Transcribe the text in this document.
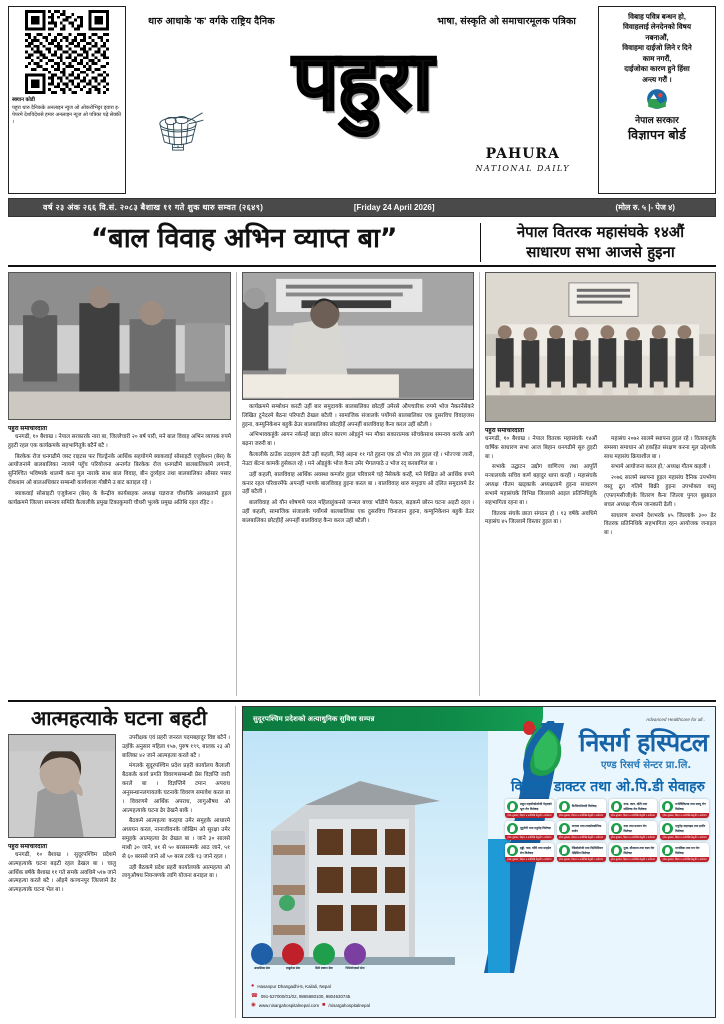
स्क्यान कोडी
पहुरा थारु दैनिकके अनलाइन न्युज ओ ओकरोभिट्टर ड्वारा इ-पेपरमे देशविदेशसे हमार अनलाइन न्युज ओ पत्रिका पढ़े सेक्की ।
थारु आधाके 'क' वर्गके राष्ट्रिय दैनिक	भाषा, संस्कृति ओ समाचारमूलक पत्रिका
पहुरा
PAHURA
NATIONAL DAILY
विबाह पवित्र बन्धन हो,
विवाहलाई लेनदेनको विषय
नबनाऔं,
विवाहमा दाईजो लिने र दिने
काम नगरौं,
दाईजोका कारण हुने हिंसा
अन्त्य गरौं ।
नेपाल सरकार
विज्ञापन बोर्ड
वर्ष २३ अंक २६६ वि.सं. २०८३ बैशाख ११ गते शुक थारु सम्वत (२६४९)	[Friday 24 April 2026]	(मोल रु. ५ |- पेज ४)
“बाल विवाह अभिन व्याप्त बा”	नेपाल वितरक महासंघके १४औं
साधारण सभा आजसे हुइना
पहुरा समाचारदाता

धनगढी, १० बैशाख । नेपाल सरकारके नारा बा, जिल्लेचारी २० बर्ष पारी, मने बाल विवाह अभिन व्यापक रुपमे हुइटी रहल एक कार्यक्रमके सहभागितुके बटैनें बटै ।

बिरकेक रोज धनगढीमे जस्ट राइटस फर चिल्ड्रेनके आर्थिक सहयोगमे ब्याकवाई सोसाइटी एजुकेशन (बेस) के आयोजनामे बालबालिका न्यायमे पहुँच परियोजना अन्तर्गत बिरकेक रोज धनगढीमे बालबालिकामे लगानी, सुनिश्चित भविष्यके थालमी कना मूल नाराके साथ बाल विवाह, बीन दुर्व्यहार तथा बालबालिका औसार पसार रोकथाम ओ बालअधिकार सम्बन्धी कार्यशाला गोष्ठीमे उ बाट बताइल रहे ।

ब्याकवाई सोसाइटी एजुकेशन (बेस) के केन्द्रीय कार्यबाहक अध्यक्ष यज्ञराज चौधरीके अध्यक्षतामे हुइल कार्यक्रममे जिल्ला समन्वय समिति कैलालीके प्रमुख टिकाकुमारी चौधरी भुलके प्रमुख अतिथि रहल रहिट ।

कार्यक्रममे सम्बोधन करटी उहीं बार समुदायके बालबालिका छोटहीं उमेरसे औपचारिक रुपमे भोज नैकरनेंसेकरे लिखित टुनेदरमे बैठना परिपाटी ढेखल बटैली । सामाजिक संजालके पर्योगसे बालबालिका एक दुसरविच विवाहजस हुइना, कम्युनिकेशन बहुकें ढेउर बालबालिका छोटहीहें अपनहीं बालविवाह कैना करल उहीं बटैली ।

अभिभावकहुंके आगन नर्कनहें छाड़ा छोरन कारण ओइहुंने भन मौका सकारात्मक सोचकेसाथ समन्वय करके आगे बढ़ना जरुरी बा ।

कैलालीके ठाउँक उदाहरण ढेटी उहीं कहली, मिहे अइना ११ गते हुइना एक ठो भोज तय हुइल रहे । भोज्ज्या त्यारी, नेउटा बँटना कामकें हुसेकल रहे । मने ओइहुंके भोज कैना उमेर भैगलपाठे उ भोज रद् करबागिल बा ।

उहीं कहली, बालविवाह आर्थिक अवस्था कम्जोर हुइल परिवारमे चहे नैसेकके करहैं, मने शिक्षित ओ आर्थिक रुपमे कनार रहल परिवारमेंफे अपनहीं भागके बालविवाह हुइना करल बा । बालविवाह थारु समुदाय ओ दलित समुदायमे ढेर उहीं बटैली ।

बालविवाह ओ यौन शोषणमे परल महिलाहुंकनसे जन्मल बच्चा भाँडीमे फेकल, सड़कमे छोरन घटना अइटी रहल । उहीं कहली, सामाजिक संजालके पर्योगसे बालबालिका एक दुसरविच चिनाजान हुइना, कम्युनिकेशन बहुकें ढेउर बालबालिका छोटहीहें अपनहीं बालविवाह कैना करल उहीं बटैली ।

पहुरा समाचारदाता

धनगढी, १० बैशाख । नेपाल वितरक महासंघके १४औं वार्षिक साधारण सभा आज बिहान धनगढीमे सुरु हुइटी बा ।

सभाके उद्घाटन उद्योग वाणिज्य तथा आपूर्ति मन्त्रालयके सचिव कर्ण बहादुर थापा करही । महासंघके अध्यक्ष गौतम खड्काके अध्यक्षतामे हुइना साधारण सभामे महासंघके विभिन्न जिल्लासे आइल प्रतिनिधिहुंके सहभागिता रहना बा ।

वितरक संघके छाता संगठन हो । १३ वर्षके अवधिमे महासंघ ४५ जिल्लामे विस्तार हुइल बा ।

महासंघ २०७२ सालमे स्थापना हुइल रहे । वितरकहुंके समस्या समाधान ओ हकहित संरक्षण करना मूल उद्देश्यके साथ महासंघ क्रियाशील बा ।

सभामे आयोजना करल हो,' अध्यक्ष गौतम कहली ।

२०७६ सालमे स्थापना हुइल महासंघ दैनिक उपभोग्य वस्तु द्रुत गतिमे बिक्री हुइना उपभोक्ता वस्तु (एफएमसीजी)के वितरण कैना जिल्ला पुगल बुझाइल बचल अध्यक्ष गौतम जानकारी ढेली ।

साधारण सभामे देशभरके ४५ जिल्लाके ३०० ढेर वितरक प्रतिनिधिके सहभागिता रहन आयोजक जनाइल बा ।

आत्महत्याके घटना बहटी
पहुरा समाचारदाता

धनगढी, १० बैशाख । सुदूरपश्चिम प्रदेशमे आत्महत्याके घटना बढ़टी रहल ढेखल बा । चालु आर्थिक बर्षके बैशाख ११ गते समके अवधिमे ५१७ जाने आत्महत्या करले बटै । ओइमे कञ्चनपुर जिल्लामे ढेर आत्महत्याके घटना भेल बा ।

उपरीक्षक एवं प्रहरी जनरल पदमबहादुर विष्ट बटैनें । उहाँके अनुसार महिला १५७, पुरुष १९९, बालक २३ ओ बालिका ४२ जाने आत्महत्या करले बटै ।

मंगलके सुदूरपश्चिम प्रदेश प्रहरी कार्यालय कैलाली बैठकके कार्य प्रगति विवरणसम्बन्धी प्रेस विज्ञप्ति जारी करले बा । विज्ञप्तिमे टमान अपराध अनुसन्धानलगायतके घटनाके विवरण समावेश करल बा । विवरणमे आर्थिक अपराध, लागुऔषध ओ आत्महत्याके घटना ढेर ढेखनै बाकें ।

बैठकमे आत्महत्या करइया उमेर समुहके आधारमे अध्ययन करल, नानाजीवनके जोखिम ओ सुरक्षा उमेर समुहके आत्महत्या ढेर ढेखल बा । जाने ३० सालसे माथी ३० जाने, ४१ से ५० बरससम्मके आठ जाने, ५१ से ६० बरससे जाने ओ ५० बरस टरके १३ जाने रहल ।

उही बैठकमे प्रदेश प्रहरी कार्यालयके आत्महत्या ओ लागुऔषध नियन्त्रणके लागि योजना बनाइल बा ।

सुदूरपश्चिम प्रदेशको अत्याधुनिक सुविधा सम्पन्न
निसर्ग हस्पिटल
एण्ड रिसर्च सेन्टर प्रा.लि.
Advanced Healthcare for all..
विशेषज्ञ डाक्टर तथा ओ.पि.डी सेवाहरु
प्रसुत गाइनोकोलोजी पेट्सको भ्रूण रोग विशेषज्ञ
हरेक बुधबार, बिहान ७ बजेदेखि बेलुकी ५ बजेसम्म
फिजियोथेरापी विशेषज्ञ
हरेक बुधबार, बिहान ७ बजेदेखि बेलुकी ५ बजेसम्म
नाक, कान, घाँटी तथा मस्तिष्क रोग विशेषज्ञ
हरेक बुधबार, बिहान ७ बजेदेखि बेलुकी ५ बजेसम्म
मनोचिकित्सा तथा स्नायु रोग विशेषज्ञ
हरेक बुधबार, बिहान ७ बजेदेखि बेलुकी ५ बजेसम्म
मुटुरोगी तथा मधुमेह विशेषज्ञ
हरेक बुधबार, बिहान ७ बजेदेखि बेलुकी ५ बजेसम्म
जनरल तथा ल्याप्रोस्कोपिक सर्जन
हरेक बुधबार, बिहान ७ बजेदेखि बेलुकी ५ बजेसम्म
नसा तथा प्रजनन रोग विशेषज्ञ
हरेक बुधबार, बिहान ७ बजेदेखि बेलुकी ५ बजेसम्म
मधुमेह थाइराइड तथा हर्मोन विशेषज्ञ
हरेक बुधबार, बिहान ७ बजेदेखि बेलुकी ५ बजेसम्म
हड्डी, नसा, घाँटी तथा माइग्रेन रोग विशेषज्ञ
हरेक बुधबार, बिहान ७ बजेदेखि बेलुकी ५ बजेसम्म
रेडियोलोजी तथा फिजिसियन मेडिसिन विशेषज्ञ
हरेक बुधबार, बिहान ७ बजेदेखि बेलुकी ५ बजेसम्म
मुख, दाँतसम्म तथा बाल रोग विशेषज्ञ
हरेक बुधबार, बिहान ७ बजेदेखि बेलुकी ५ बजेसम्म
मानसिक तथा मन रोग विशेषज्ञ
हरेक बुधबार, बिहान ७ बजेदेखि बेलुकी ५ बजेसम्म
आकस्मिक सेवा	एम्बुलेन्स सेवा	सिटी स्क्यान सेवा	भिडियोएक्सरे सेवा
● Hasanpur Dhangadhi-5, Kailali, Nepal
☎ 091-527000/01/02, 9865680100, 9804630745
◉ www.nisargahospitalnepal.com ■ /nisargahospitalnepal
